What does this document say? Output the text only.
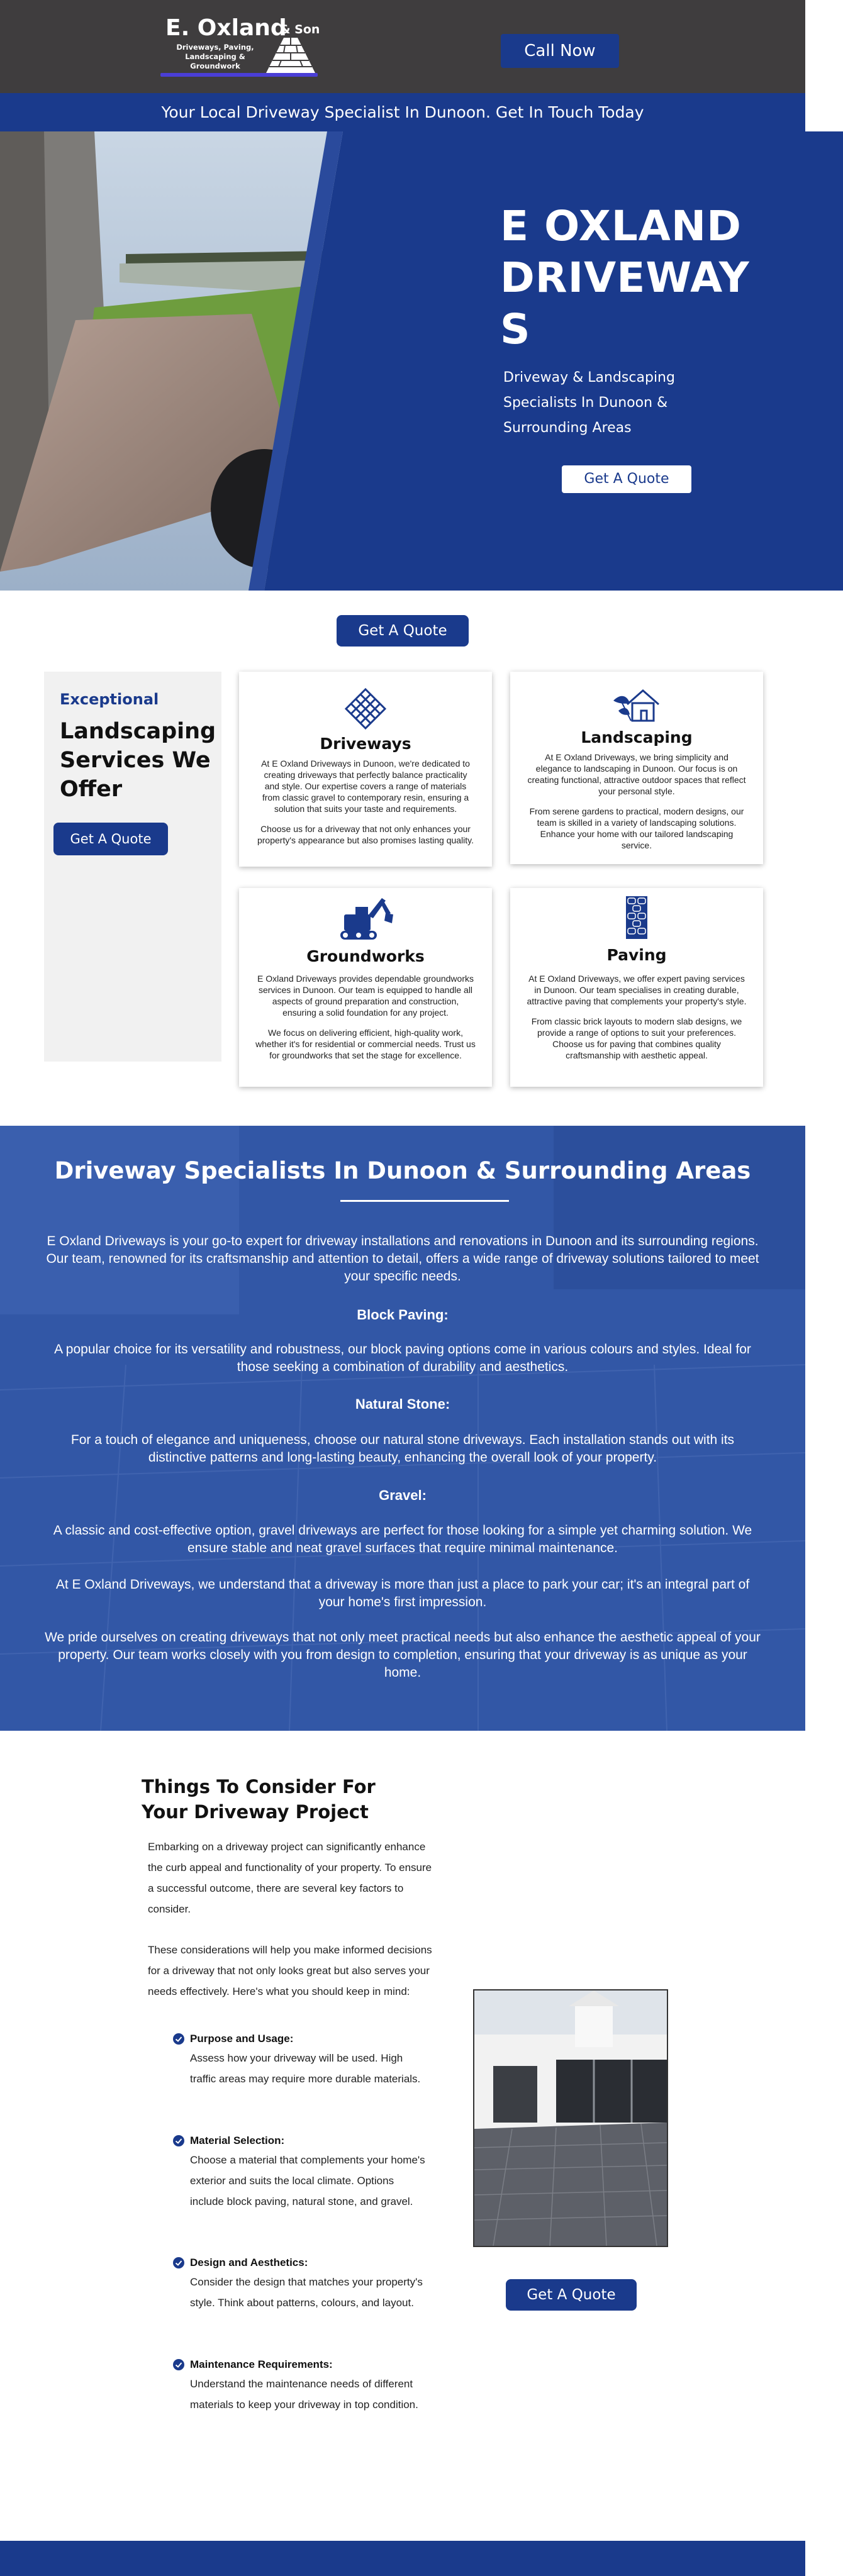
E. Oxland
& Son
Driveways, Paving,
Landscaping &
Groundwork
Call Now
Your Local Driveway Specialist In Dunoon. Get In Touch Today
E OXLAND
DRIVEWAY
S
Driveway & Landscaping Specialists In Dunoon & Surrounding Areas
Get A Quote
Get A Quote
Exceptional
Landscaping Services We Offer
Get A Quote
Driveways
At E Oxland Driveways in Dunoon, we're dedicated to creating driveways that perfectly balance practicality and style. Our expertise covers a range of materials from classic gravel to contemporary resin, ensuring a solution that suits your taste and requirements.
Choose us for a driveway that not only enhances your property's appearance but also promises lasting quality.
Landscaping
At E Oxland Driveways, we bring simplicity and elegance to landscaping in Dunoon. Our focus is on creating functional, attractive outdoor spaces that reflect your personal style.
From serene gardens to practical, modern designs, our team is skilled in a variety of landscaping solutions. Enhance your home with our tailored landscaping service.
Groundworks
E Oxland Driveways provides dependable groundworks services in Dunoon. Our team is equipped to handle all aspects of ground preparation and construction, ensuring a solid foundation for any project.
We focus on delivering efficient, high-quality work, whether it's for residential or commercial needs. Trust us for groundworks that set the stage for excellence.
Paving
At E Oxland Driveways, we offer expert paving services in Dunoon. Our team specialises in creating durable, attractive paving that complements your property's style.
From classic brick layouts to modern slab designs, we provide a range of options to suit your preferences. Choose us for paving that combines quality craftsmanship with aesthetic appeal.
Driveway Specialists In Dunoon & Surrounding Areas
E Oxland Driveways is your go-to expert for driveway installations and renovations in Dunoon and its surrounding regions. Our team, renowned for its craftsmanship and attention to detail, offers a wide range of driveway solutions tailored to meet your specific needs.
Block Paving:
A popular choice for its versatility and robustness, our block paving options come in various colours and styles. Ideal for those seeking a combination of durability and aesthetics.
Natural Stone:
For a touch of elegance and uniqueness, choose our natural stone driveways. Each installation stands out with its distinctive patterns and long-lasting beauty, enhancing the overall look of your property.
Gravel:
A classic and cost-effective option, gravel driveways are perfect for those looking for a simple yet charming solution. We ensure stable and neat gravel surfaces that require minimal maintenance.
At E Oxland Driveways, we understand that a driveway is more than just a place to park your car; it's an integral part of your home's first impression.
We pride ourselves on creating driveways that not only meet practical needs but also enhance the aesthetic appeal of your property. Our team works closely with you from design to completion, ensuring that your driveway is as unique as your home.
Things To Consider For Your Driveway Project
Embarking on a driveway project can significantly enhance the curb appeal and functionality of your property. To ensure a successful outcome, there are several key factors to consider.
These considerations will help you make informed decisions for a driveway that not only looks great but also serves your needs effectively. Here's what you should keep in mind:
Purpose and Usage:
Assess how your driveway will be used. High traffic areas may require more durable materials.
Material Selection:
Choose a material that complements your home's exterior and suits the local climate. Options include block paving, natural stone, and gravel.
Design and Aesthetics:
Consider the design that matches your property's style. Think about patterns, colours, and layout.
Maintenance Requirements:
Understand the maintenance needs of different materials to keep your driveway in top condition.
Get A Quote
